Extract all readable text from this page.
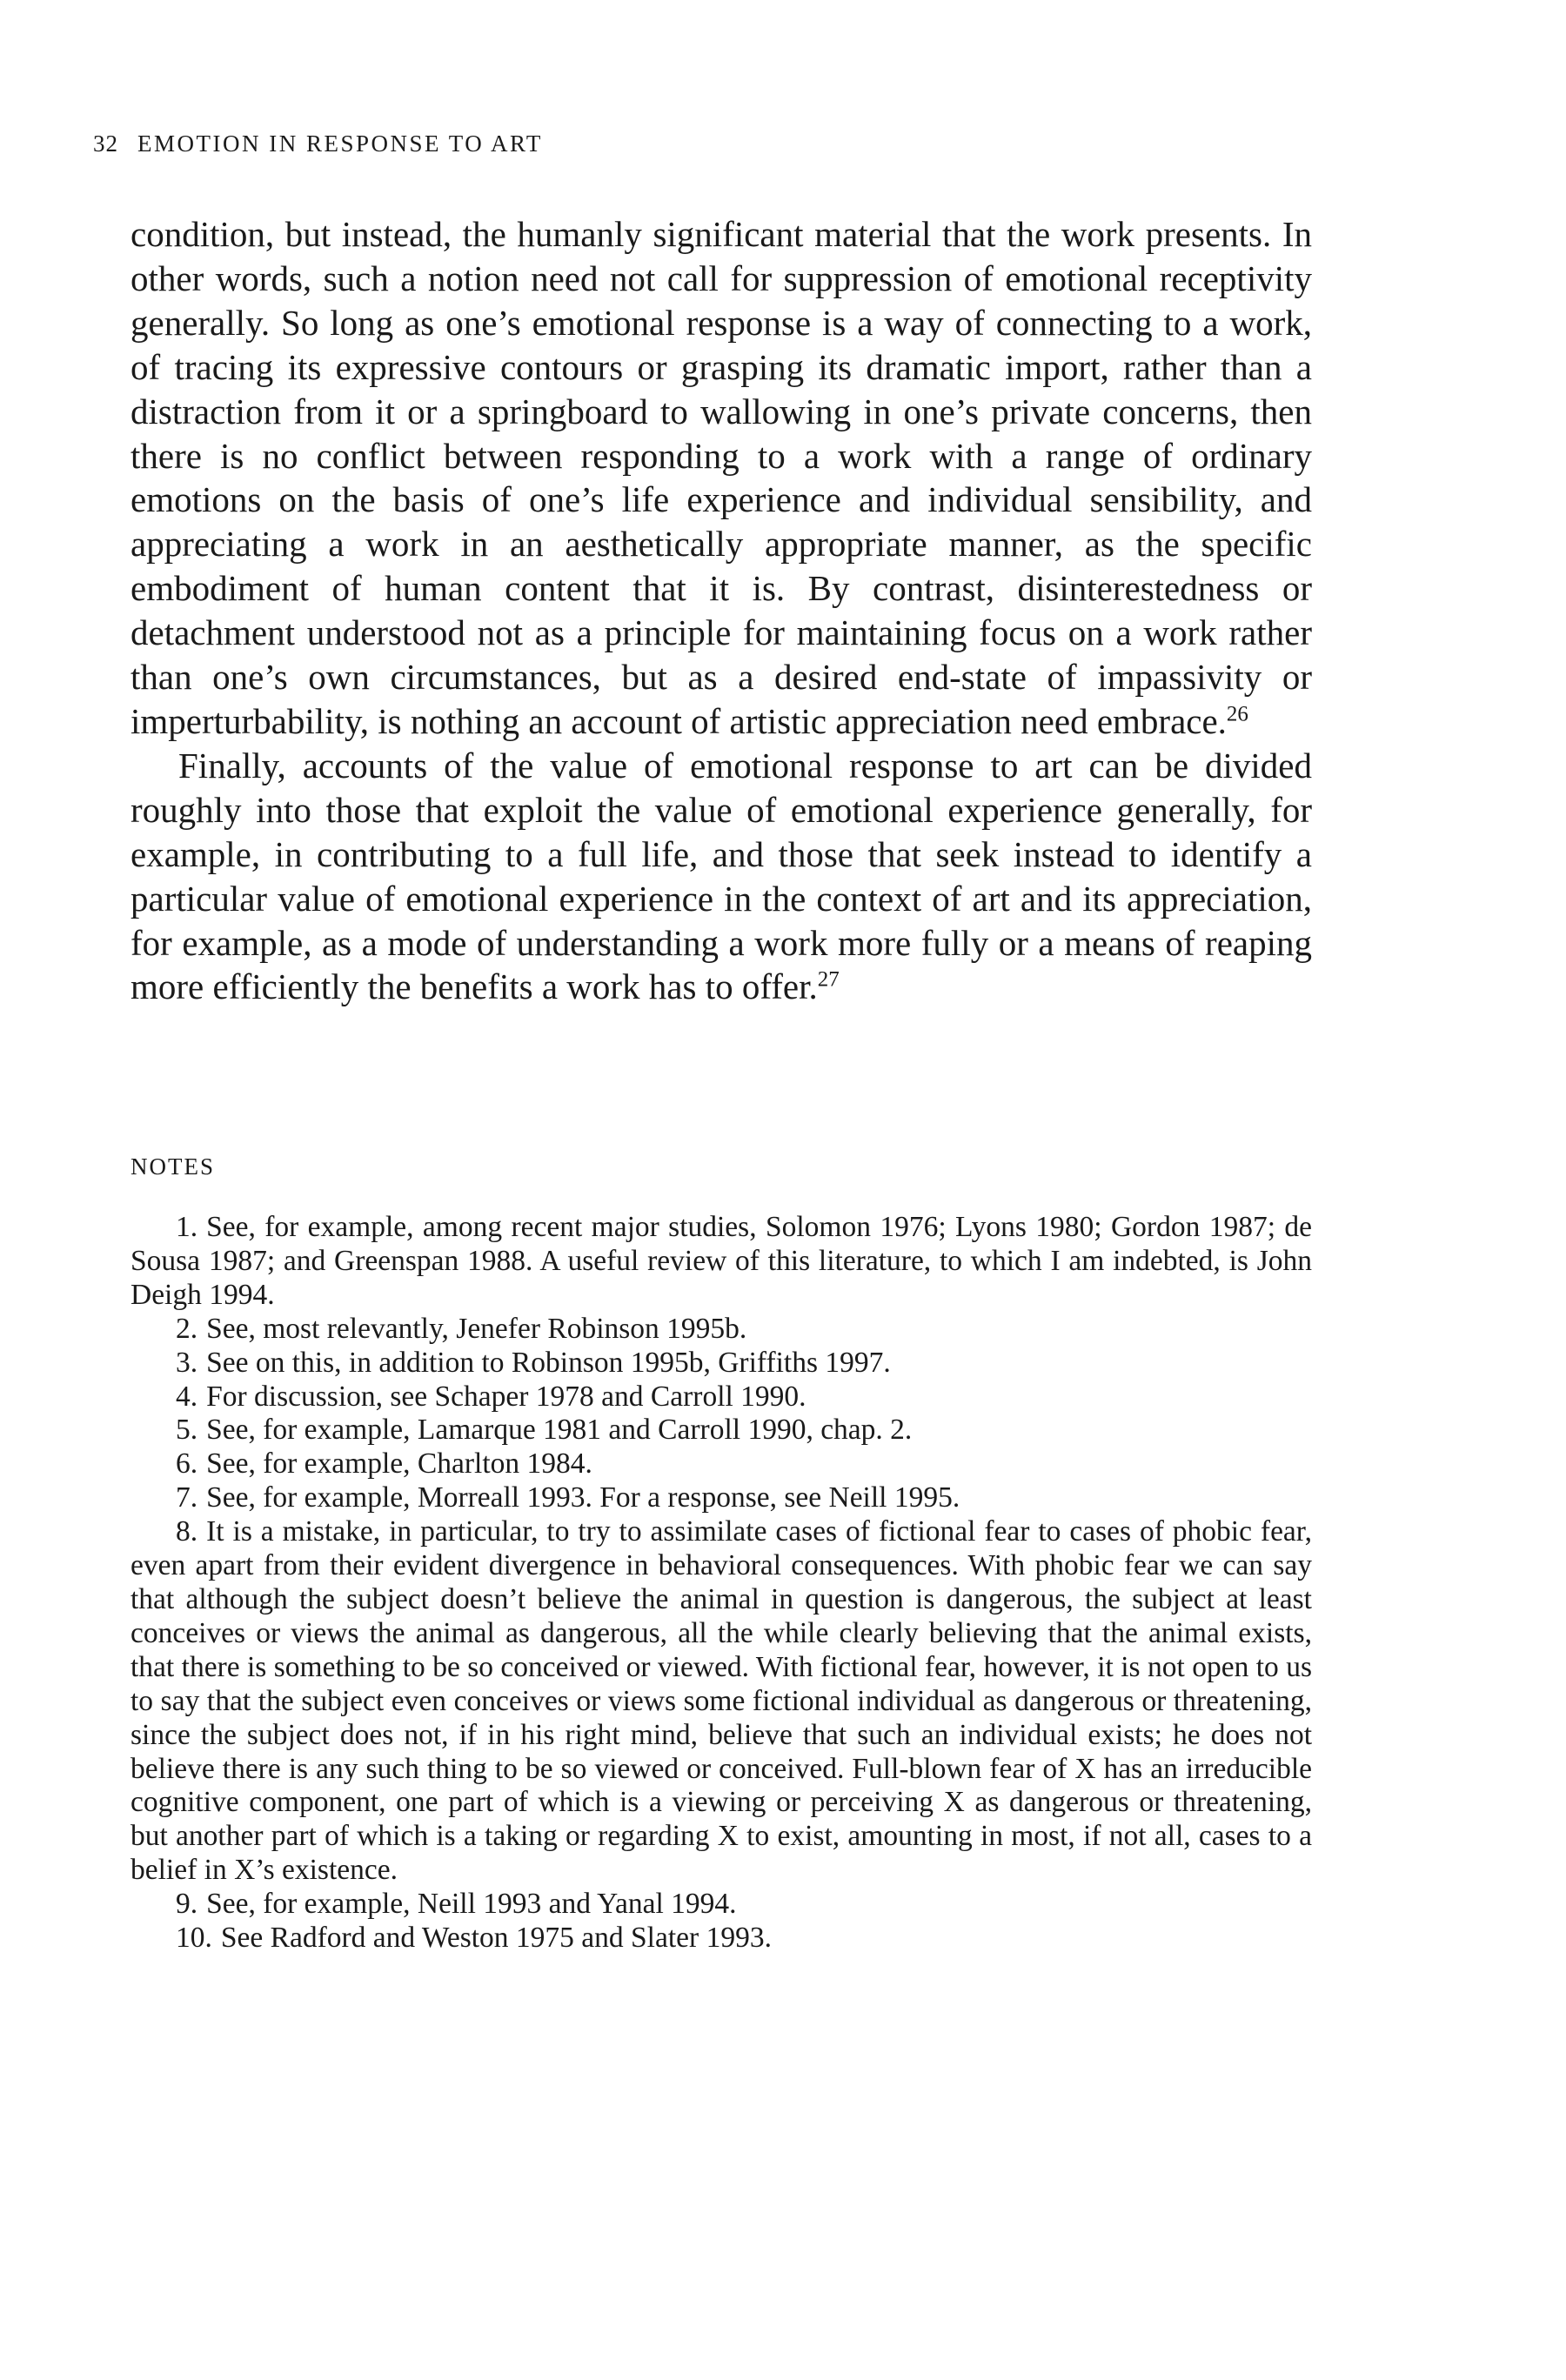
32 EMOTION IN RESPONSE TO ART

condition, but instead, the humanly significant material that the work presents. In other words, such a notion need not call for suppression of emotional receptivity generally. So long as one’s emotional response is a way of connecting to a work, of tracing its expressive contours or grasping its dramatic import, rather than a distraction from it or a springboard to wallowing in one’s private concerns, then there is no conflict between responding to a work with a range of ordinary emotions on the basis of one’s life experience and individual sensibility, and appreciating a work in an aesthetically appropriate manner, as the specific embodiment of human content that it is. By contrast, disinterestedness or detachment understood not as a principle for maintaining focus on a work rather than one’s own circumstances, but as a desired end-state of impassivity or imperturbability, is nothing an account of artistic appreciation need embrace.$^{26}$

Finally, accounts of the value of emotional response to art can be divided roughly into those that exploit the value of emotional experience generally, for example, in contributing to a full life, and those that seek instead to identify a particular value of emotional experience in the context of art and its appreciation, for example, as a mode of understanding a work more fully or a means of reaping more efficiently the benefits a work has to offer.$^{27}$

NOTES

1. See, for example, among recent major studies, Solomon 1976; Lyons 1980; Gordon 1987; de Sousa 1987; and Greenspan 1988. A useful review of this literature, to which I am indebted, is John Deigh 1994.

2. See, most relevantly, Jenefer Robinson 1995b.

3. See on this, in addition to Robinson 1995b, Griffiths 1997.

4. For discussion, see Schaper 1978 and Carroll 1990.

5. See, for example, Lamarque 1981 and Carroll 1990, chap. 2.

6. See, for example, Charlton 1984.

7. See, for example, Morreall 1993. For a response, see Neill 1995.

8. It is a mistake, in particular, to try to assimilate cases of fictional fear to cases of phobic fear, even apart from their evident divergence in behavioral consequences. With phobic fear we can say that although the subject doesn’t believe the animal in question is dangerous, the subject at least conceives or views the animal as dangerous, all the while clearly believing that the animal exists, that there is something to be so conceived or viewed. With fictional fear, however, it is not open to us to say that the subject even conceives or views some fictional individual as dangerous or threatening, since the subject does not, if in his right mind, believe that such an individual exists; he does not believe there is any such thing to be so viewed or conceived. Full-blown fear of X has an irreducible cognitive component, one part of which is a viewing or perceiving X as dangerous or threatening, but another part of which is a taking or regarding X to exist, amounting in most, if not all, cases to a belief in X’s existence.

9. See, for example, Neill 1993 and Yanal 1994.

10. See Radford and Weston 1975 and Slater 1993.
